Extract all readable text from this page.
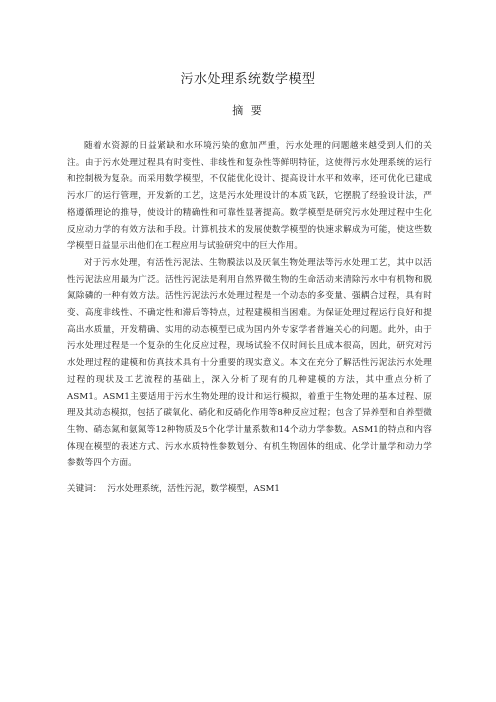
污水处理系统数学模型
摘 要

随着水资源的日益紧缺和水环境污染的愈加严重，污水处理的问题越来越受到人们的关注。由于污水处理过程具有时变性、非线性和复杂性等鲜明特征，这使得污水处理系统的运行和控制极为复杂。而采用数学模型，不仅能优化设计、提高设计水平和效率，还可优化已建成污水厂的运行管理，开发新的工艺，这是污水处理设计的本质飞跃，它摆脱了经验设计法，严格遵循理论的推导，使设计的精确性和可靠性显著提高。数学模型是研究污水处理过程中生化反应动力学的有效方法和手段。计算机技术的发展使数学模型的快速求解成为可能，使这些数学模型日益显示出他们在工程应用与试验研究中的巨大作用。

对于污水处理，有活性污泥法、生物膜法以及厌氧生物处理法等污水处理工艺，其中以活性污泥法应用最为广泛。活性污泥法是利用自然界微生物的生命活动来清除污水中有机物和脱氮除磷的一种有效方法。活性污泥法污水处理过程是一个动态的多变量、强耦合过程，具有时变、高度非线性、不确定性和滞后等特点，过程建模相当困难。为保证处理过程运行良好和提高出水质量，开发精确、实用的动态模型已成为国内外专家学者普遍关心的问题。此外，由于污水处理过程是一个复杂的生化反应过程，现场试验不仅时间长且成本很高，因此，研究对污水处理过程的建模和仿真技术具有十分重要的现实意义。本文在充分了解活性污泥法污水处理过程的现状及工艺流程的基础上，深入分析了现有的几种建模的方法，其中重点分析了ASM1。ASM1主要适用于污水生物处理的设计和运行模拟，着重于生物处理的基本过程、原理及其动态模拟，包括了碳氧化、硝化和反硝化作用等8种反应过程；包含了异养型和自养型微生物、硝态氮和氨氮等12种物质及5个化学计量系数和14个动力学参数。ASM1的特点和内容体现在模型的表述方式、污水水质特性参数划分、有机生物固体的组成、化学计量学和动力学参数等四个方面。

关键词： 污水处理系统，活性污泥，数学模型，ASM1
